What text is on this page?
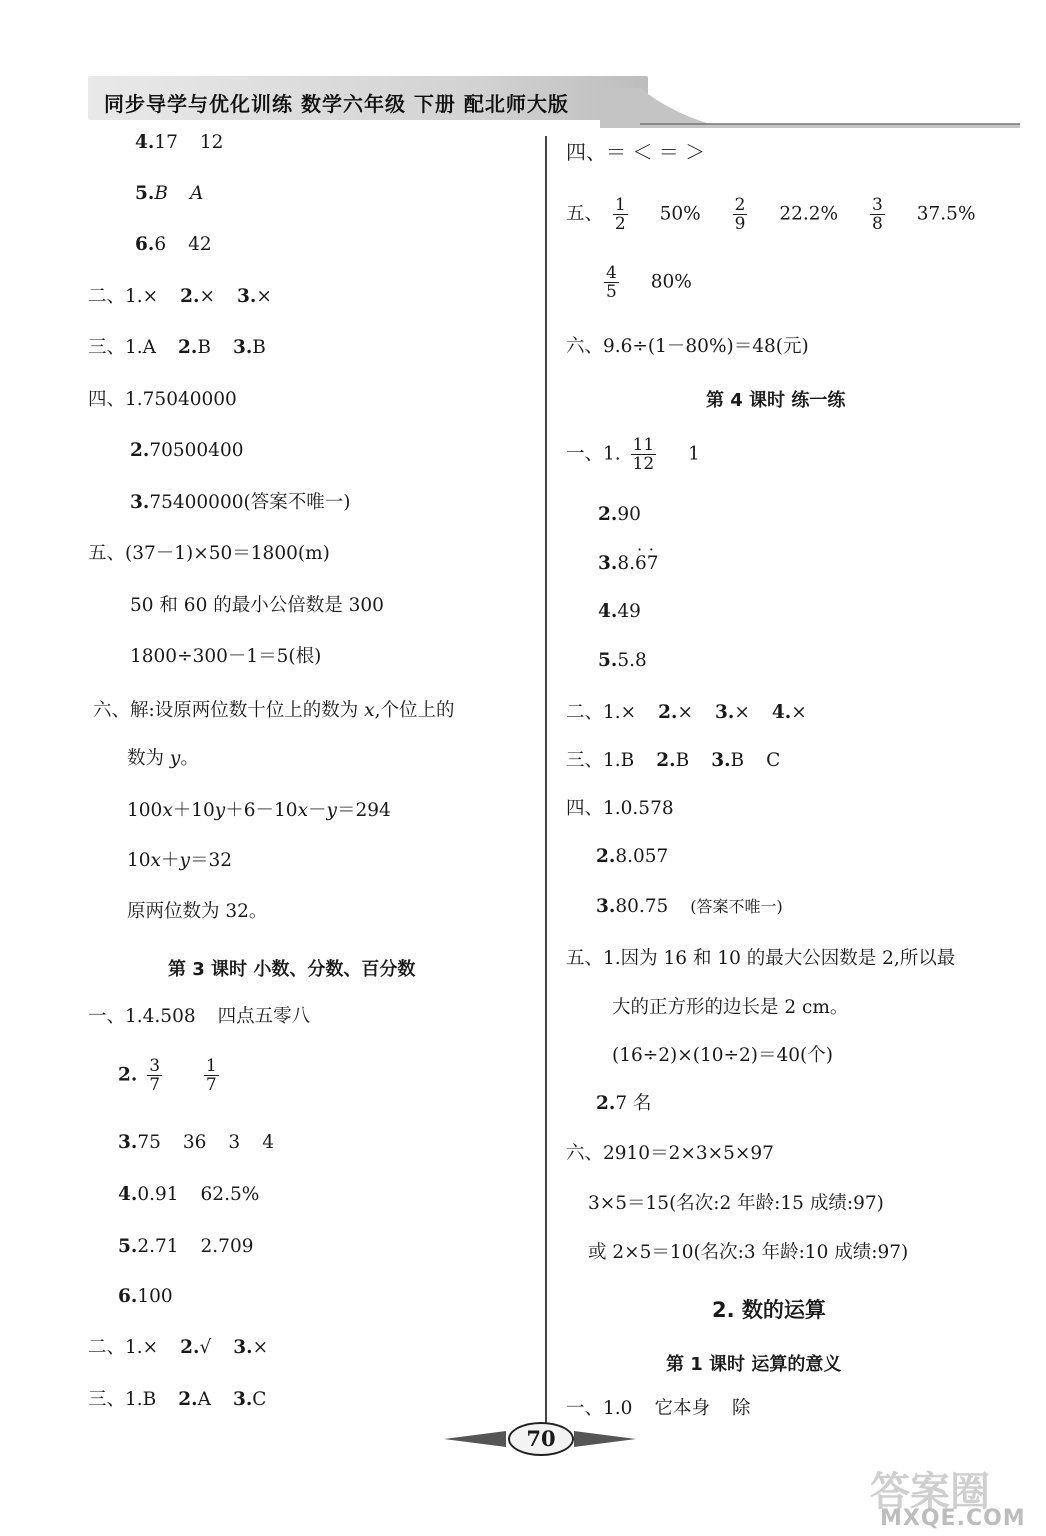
同步导学与优化训练 数学六年级 下册 配北师大版
4.17 12
5.B A
6.6 42
二、1.× 2.× 3.×
三、1.A 2.B 3.B
四、1.75040000
2.70500400
3.75400000(答案不唯一)
五、(37－1)×50＝1800(m)
50 和 60 的最小公倍数是 300
1800÷300－1＝5(根)
六、解:设原两位数十位上的数为 x,个位上的
数为 y。
100x＋10y＋6－10x－y＝294
10x＋y＝32
原两位数为 32。
第 3 课时 小数、分数、百分数
一、1.4.508 四点五零八
2. $\frac{3}{7}$
$\frac{1}{7}$
3.75 36 3 4
4.0.91 62.5%
5.2.71 2.709
6.100
二、1.× 2.√ 3.×
三、1.B 2.A 3.C
四、＝ ＜ ＝ ＞
五、 $\frac{1}{2} 50\% \frac{2}{9} 22.2\% \frac{3}{8} 37.5\%$
$\frac{4}{5} 80\%$
六、9.6÷(1－80%)＝48(元)
第 4 课时 练一练
一、1. $\frac{11}{12} 1$
2.90
3.8.· 6· 7
4.49
5.5.8
二、1.× 2.× 3.× 4.×
三、1.B 2.B 3.B C
四、1.0.578
2.8.057
3.80.75 (答案不唯一)
五、1.因为 16 和 10 的最大公因数是 2,所以最
大的正方形的边长是 2 cm。
(16÷2)×(10÷2)＝40(个)
2.7 名
六、2910＝2×3×5×97
3×5＝15(名次:2 年龄:15 成绩:97)
或 2×5＝10(名次:3 年龄:10 成绩:97)
2. 数的运算
第 1 课时 运算的意义
一、1.0 它本身 除
70
答案圈
MXQE.COM
